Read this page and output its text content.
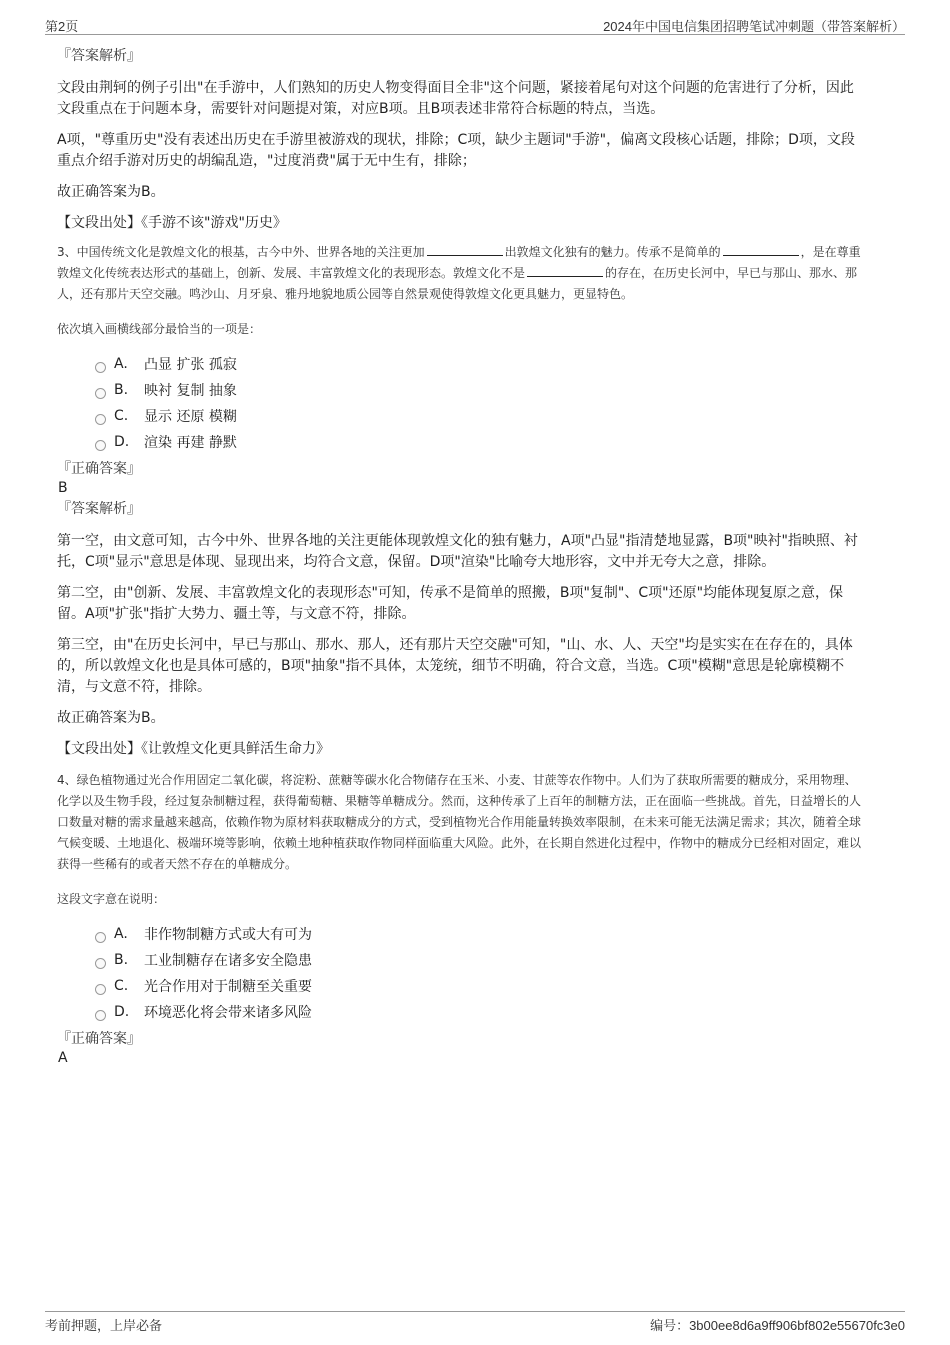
第2页	2024年中国电信集团招聘笔试冲刺题（带答案解析）
『答案解析』

文段由荆轲的例子引出"在手游中，人们熟知的历史人物变得面目全非"这个问题，紧接着尾句对这个问题的危害进行了分析，因此文段重点在于问题本身，需要针对问题提对策，对应B项。且B项表述非常符合标题的特点，当选。

A项，"尊重历史"没有表述出历史在手游里被游戏的现状，排除；C项，缺少主题词"手游"，偏离文段核心话题，排除；D项，文段重点介绍手游对历史的胡编乱造，"过度消费"属于无中生有，排除；

故正确答案为B。

【文段出处】《手游不该"游戏"历史》

3、中国传统文化是敦煌文化的根基，古今中外、世界各地的关注更加	出敦煌文化独有的魅力。传承不是简单的	，是在尊重敦煌文化传统表达形式的基础上，创新、发展、丰富敦煌文化的表现形态。敦煌文化不是	的存在，在历史长河中，早已与那山、那水、那人，还有那片天空交融。鸣沙山、月牙泉、雅丹地貌地质公园等自然景观使得敦煌文化更具魅力，更显特色。

依次填入画横线部分最恰当的一项是：
A.	凸显 扩张 孤寂
B.	映衬 复制 抽象
C.	显示 还原 模糊
D.	渲染 再建 静默
『正确答案』
B
『答案解析』

第一空，由文意可知，古今中外、世界各地的关注更能体现敦煌文化的独有魅力，A项"凸显"指清楚地显露，B项"映衬"指映照、衬托，C项"显示"意思是体现、显现出来，均符合文意，保留。D项"渲染"比喻夸大地形容，文中并无夸大之意，排除。

第二空，由"创新、发展、丰富敦煌文化的表现形态"可知，传承不是简单的照搬，B项"复制"、C项"还原"均能体现复原之意，保留。A项"扩张"指扩大势力、疆土等，与文意不符，排除。

第三空，由"在历史长河中，早已与那山、那水、那人，还有那片天空交融"可知，"山、水、人、天空"均是实实在在存在的，具体的，所以敦煌文化也是具体可感的，B项"抽象"指不具体，太笼统，细节不明确，符合文意，当选。C项"模糊"意思是轮廓模糊不清，与文意不符，排除。

故正确答案为B。

【文段出处】《让敦煌文化更具鲜活生命力》

4、绿色植物通过光合作用固定二氧化碳，将淀粉、蔗糖等碳水化合物储存在玉米、小麦、甘蔗等农作物中。人们为了获取所需要的糖成分，采用物理、化学以及生物手段，经过复杂制糖过程，获得葡萄糖、果糖等单糖成分。然而，这种传承了上百年的制糖方法，正在面临一些挑战。首先，日益增长的人口数量对糖的需求量越来越高，依赖作物为原材料获取糖成分的方式，受到植物光合作用能量转换效率限制，在未来可能无法满足需求；其次，随着全球气候变暖、土地退化、极端环境等影响，依赖土地种植获取作物同样面临重大风险。此外，在长期自然进化过程中，作物中的糖成分已经相对固定，难以获得一些稀有的或者天然不存在的单糖成分。

这段文字意在说明：
A.	非作物制糖方式或大有可为
B.	工业制糖存在诸多安全隐患
C.	光合作用对于制糖至关重要
D.	环境恶化将会带来诸多风险
『正确答案』
A
考前押题，上岸必备	编号：3b00ee8d6a9ff906bf802e55670fc3e0
